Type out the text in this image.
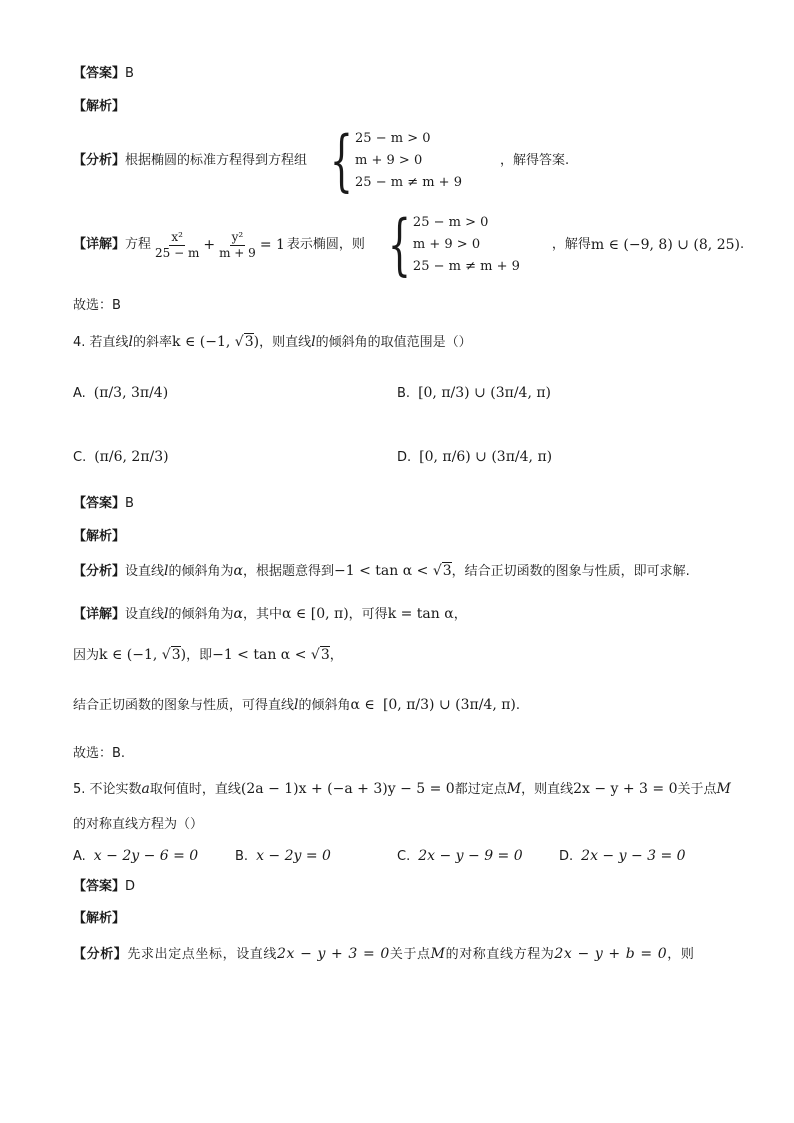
【答案】B
【解析】
【分析】 根据椭圆的标准方程得到方程组 { 25 − m > 0
m + 9 > 0
25 − m ≠ m + 9
，解得答案.
【详解】 方程 $\frac{\text{x²}}{25 - m} + \frac{\text{y²}}{m + 9} = 1$ 表示椭圆，则 { 25 − m > 0
m + 9 > 0
25 − m ≠ m + 9
，解得 m ∈ (−9, 8) ∪ (8, 25) .
故选：B
4. 若直线l的斜率k ∈ (−1, √3)，则直线l的倾斜角的取值范围是（）
A. (π/3, 3π/4)	B. [0, π/3) ∪ (3π/4, π)
C. (π/6, 2π/3)	D. [0, π/6) ∪ (3π/4, π)
【答案】B
【解析】
【分析】设直线l的倾斜角为α，根据题意得到−1 < tan α < √3，结合正切函数的图象与性质，即可求解.
【详解】设直线l的倾斜角为α，其中α ∈ [0, π)，可得k = tan α，
因为k ∈ (−1, √3)，即−1 < tan α < √3，
结合正切函数的图象与性质，可得直线l的倾斜角α ∈ [0, π/3) ∪ (3π/4, π).
故选：B.
5. 不论实数a取何值时，直线(2a − 1)x + (−a + 3)y − 5 = 0都过定点M，则直线2x − y + 3 = 0关于点M
的对称直线方程为（）
A. x − 2y − 6 = 0	B. x − 2y = 0	C. 2x − y − 9 = 0	D. 2x − y − 3 = 0
【答案】D
【解析】
【分析】先求出定点坐标，设直线2x − y + 3 = 0关于点M的对称直线方程为2x − y + b = 0，则
